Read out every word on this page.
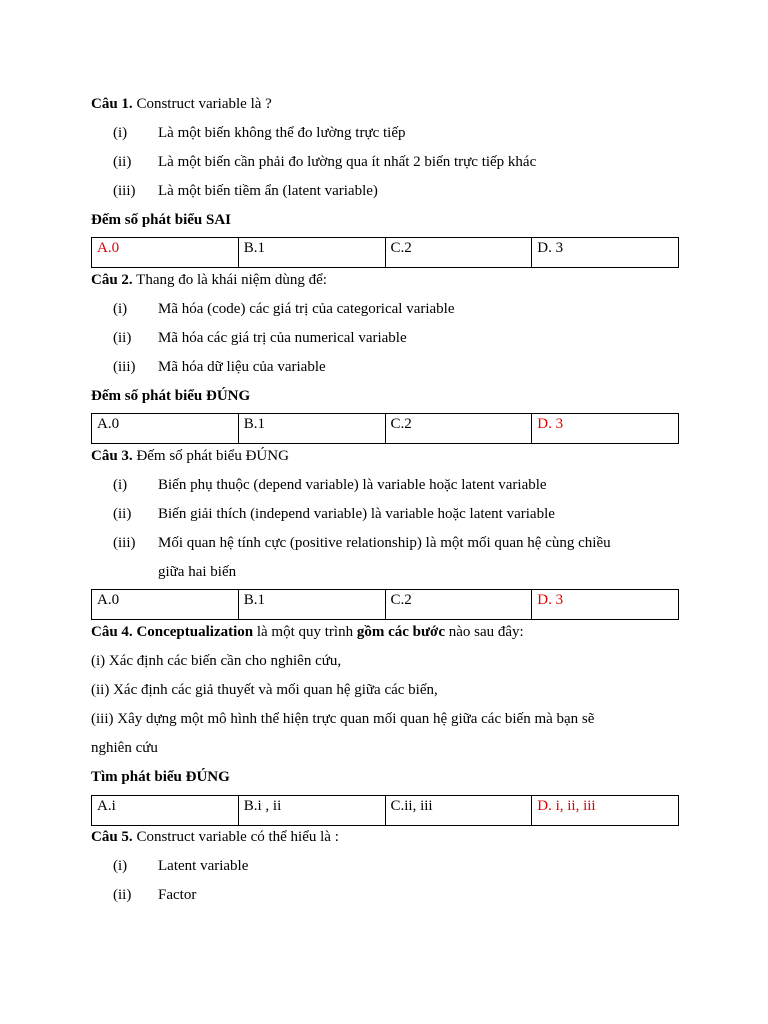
Câu 1. Construct variable là ?
(i) Là một biến không thể đo lường trực tiếp
(ii) Là một biến cần phải đo lường qua ít nhất 2 biến trực tiếp khác
(iii) Là một biến tiềm ẩn (latent variable)
Đếm số phát biểu SAI
A.0	B.1	C.2	D. 3
Câu 2. Thang đo là khái niệm dùng để:
(i) Mã hóa (code) các giá trị của categorical variable
(ii) Mã hóa các giá trị của numerical variable
(iii) Mã hóa dữ liệu của variable
Đếm số phát biểu ĐÚNG
A.0	B.1	C.2	D. 3
Câu 3. Đếm số phát biểu ĐÚNG
(i) Biến phụ thuộc (depend variable) là variable hoặc latent variable
(ii) Biến giải thích (independ variable) là variable hoặc latent variable
(iii) Mối quan hệ tính cực (positive relationship) là một mối quan hệ cùng chiều
giữa hai biến
A.0	B.1	C.2	D. 3
Câu 4. Conceptualization là một quy trình gồm các bước nào sau đây:
(i) Xác định các biến cần cho nghiên cứu,
(ii) Xác định các giả thuyết và mối quan hệ giữa các biến,
(iii) Xây dựng một mô hình thể hiện trực quan mối quan hệ giữa các biến mà bạn sẽ
nghiên cứu
Tìm phát biểu ĐÚNG
A.i	B.i , ii	C.ii, iii	D. i, ii, iii
Câu 5. Construct variable có thể hiểu là :
(i) Latent variable
(ii) Factor
